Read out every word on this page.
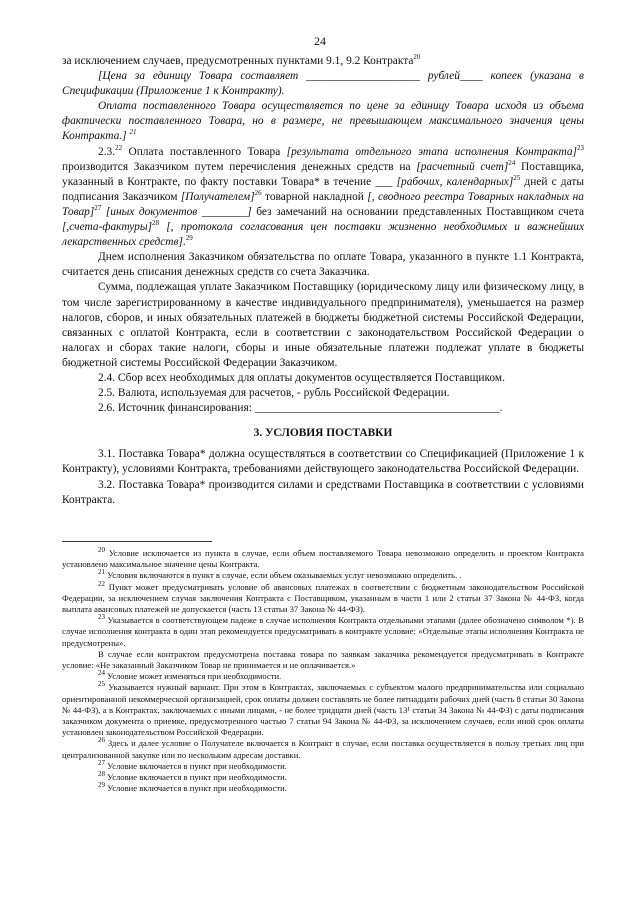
24

за исключением случаев, предусмотренных пунктами 9.1, 9.2 Контракта$^{20}$

[Цена за единицу Товара составляет ____________________ рублей____ копеек (указана в Спецификации (Приложение 1 к Контракту).

Оплата поставленного Товара осуществляется по цене за единицу Товара исходя из объема фактически поставленного Товара, но в размере, не превышающем максимального значения цены Контракта.] $^{21}$

2.3.22 Оплата поставленного Товара [результата отдельного этапа исполнения Контракта]$^{23}$ производится Заказчиком путем перечисления денежных средств на [расчетный счет]$^{24}$ Поставщика, указанный в Контракте, по факту поставки Товара* в течение ___ [рабочих, календарных]$^{25}$ дней с даты подписания Заказчиком [Получателем]$^{26}$ товарной накладной [, сводного реестра Товарных накладных на Товар]$^{27}$ [иных документов ________] без замечаний на основании представленных Поставщиком счета [,счета-фактуры]$^{28}$ [, протокола согласования цен поставки жизненно необходимых и важнейших лекарственных средств].$^{29}$

Днем исполнения Заказчиком обязательства по оплате Товара, указанного в пункте 1.1 Контракта, считается день списания денежных средств со счета Заказчика.

Сумма, подлежащая уплате Заказчиком Поставщику (юридическому лицу или физическому лицу, в том числе зарегистрированному в качестве индивидуального предпринимателя), уменьшается на размер налогов, сборов, и иных обязательных платежей в бюджеты бюджетной системы Российской Федерации, связанных с оплатой Контракта, если в соответствии с законодательством Российской Федерации о налогах и сборах такие налоги, сборы и иные обязательные платежи подлежат уплате в бюджеты бюджетной системы Российской Федерации Заказчиком.

2.4. Сбор всех необходимых для оплаты документов осуществляется Поставщиком.

2.5. Валюта, используемая для расчетов, - рубль Российской Федерации.

2.6. Источник финансирования: ___________________________________________.

3. УСЛОВИЯ ПОСТАВКИ

3.1. Поставка Товара* должна осуществляться в соответствии со Спецификацией (Приложение 1 к Контракту), условиями Контракта, требованиями действующего законодательства Российской Федерации.

3.2. Поставка Товара* производится силами и средствами Поставщика в соответствии с условиями Контракта.

$^{20}$ Условие исключается из пункта в случае, если объем поставляемого Товара невозможно определить и проектом Контракта установлено максимальное значение цены Контракта.

$^{21}$ Условия включаются в пункт в случае, если объем оказываемых услуг невозможно определить. .

$^{22}$ Пункт может предусматривать условие об авансовых платежах в соответствии с бюджетным законодательством Российской Федерации, за исключением случая заключения Контракта с Поставщиком, указанным в части 1 или 2 статьи 37 Закона № 44-ФЗ, когда выплата авансовых платежей не допускается (часть 13 статьи 37 Закона № 44-ФЗ).

$^{23}$ Указывается в соответствующем падеже в случае исполнения Контракта отдельными этапами (далее обозначено символом *). В случае исполнения контракта в один этап рекомендуется предусматривать в контракте условие: «Отдельные этапы исполнения Контракта не предусмотрены».

В случае если контрактом предусмотрена поставка товара по заявкам заказчика рекомендуется предусматривать в Контракте условие: «Не заказанный Заказчиком Товар не принимается и не оплачивается.»

$^{24}$ Условие может изменяться при необходимости.

$^{25}$ Указывается нужный вариант. При этом в Контрактах, заключаемых с субъектом малого предпринимательства или социально ориентированной некоммерческой организацией, срок оплаты должен составлять не более пятнадцати рабочих дней (часть 8 статьи 30 Закона № 44-ФЗ), а в Контрактах, заключаемых с иными лицами, - не более тридцати дней (часть 13¹ статьи 34 Закона № 44-ФЗ) с даты подписания заказчиком документа о приемке, предусмотренного частью 7 статьи 94 Закона № 44-ФЗ, за исключением случаев, если иной срок оплаты установлен законодательством Российской Федерации.

$^{26}$ Здесь и далее условие о Получателе включается в Контракт в случае, если поставка осуществляется в пользу третьих лиц при централизованной закупке или по нескольким адресам доставки.

$^{27}$ Условие включается в пункт при необходимости.

$^{28}$ Условие включается в пункт при необходимости.

$^{29}$ Условие включается в пункт при необходимости.
